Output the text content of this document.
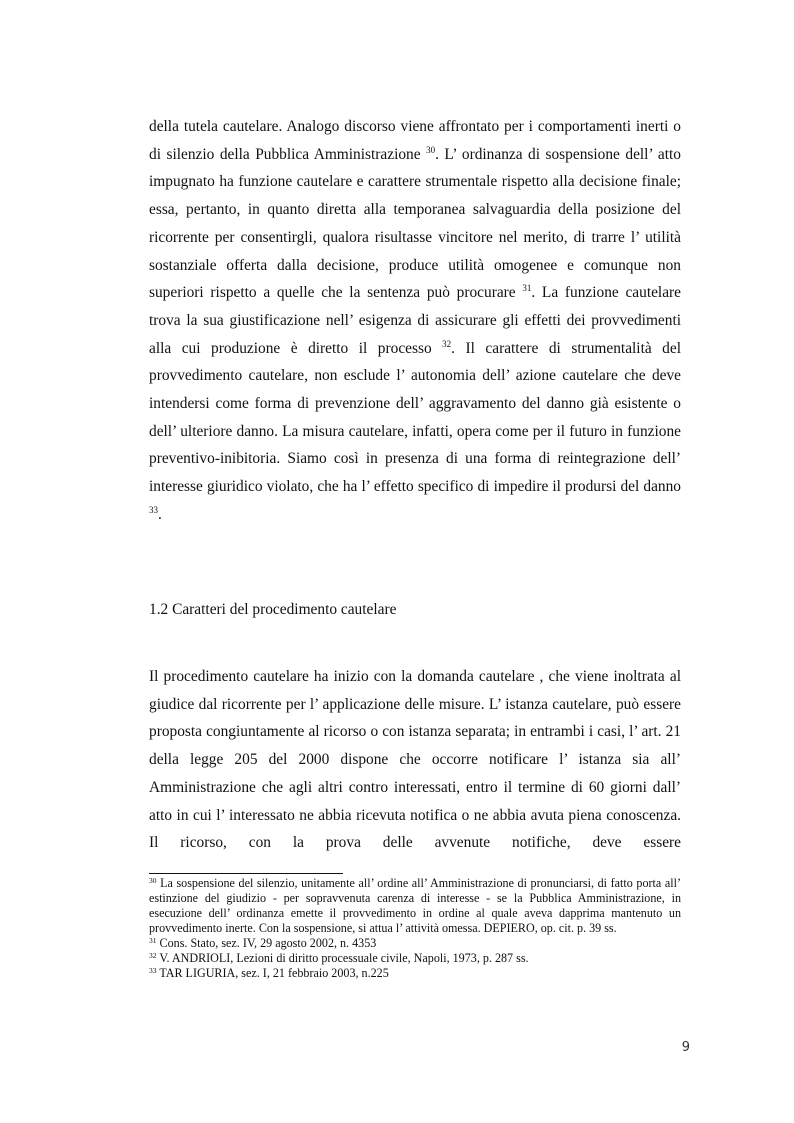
della tutela cautelare. Analogo discorso viene affrontato per i comportamenti inerti o di silenzio della Pubblica Amministrazione $^{30}$. L’ ordinanza di sospensione dell’ atto impugnato ha funzione cautelare e carattere strumentale rispetto alla decisione finale; essa, pertanto, in quanto diretta alla temporanea salvaguardia della posizione del ricorrente per consentirgli, qualora risultasse vincitore nel merito, di trarre l’ utilità sostanziale offerta dalla decisione, produce utilità omogenee e comunque non superiori rispetto a quelle che la sentenza può procurare $^{31}$. La funzione cautelare trova la sua giustificazione nell’ esigenza di assicurare gli effetti dei provvedimenti alla cui produzione è diretto il processo $^{32}$. Il carattere di strumentalità del provvedimento cautelare, non esclude l’ autonomia dell’ azione cautelare che deve intendersi come forma di prevenzione dell’ aggravamento del danno già esistente o dell’ ulteriore danno. La misura cautelare, infatti, opera come per il futuro in funzione preventivo-inibitoria. Siamo così in presenza di una forma di reintegrazione dell’ interesse giuridico violato, che ha l’ effetto specifico di impedire il prodursi del danno $^{33}$.

1.2 Caratteri del procedimento cautelare

Il procedimento cautelare ha inizio con la domanda cautelare , che viene inoltrata al giudice dal ricorrente per l’ applicazione delle misure. L’ istanza cautelare, può essere proposta congiuntamente al ricorso o con istanza separata; in entrambi i casi, l’ art. 21 della legge 205 del 2000 dispone che occorre notificare l’ istanza sia all’ Amministrazione che agli altri contro interessati, entro il termine di 60 giorni dall’ atto in cui l’ interessato ne abbia ricevuta notifica o ne abbia avuta piena conoscenza. Il ricorso, con la prova delle avvenute notifiche, deve essere

$^{30}$ La sospensione del silenzio, unitamente all’ ordine all’ Amministrazione di pronunciarsi, di fatto porta all’ estinzione del giudizio - per sopravvenuta carenza di interesse - se la Pubblica Amministrazione, in esecuzione dell’ ordinanza emette il provvedimento in ordine al quale aveva dapprima mantenuto un provvedimento inerte. Con la sospensione, si attua l’ attività omessa. DEPIERO, op. cit. p. 39 ss.

$^{31}$ Cons. Stato, sez. IV, 29 agosto 2002, n. 4353

$^{32}$ V. ANDRIOLI, Lezioni di diritto processuale civile, Napoli, 1973, p. 287 ss.

$^{33}$ TAR LIGURIA, sez. I, 21 febbraio 2003, n.225

9
